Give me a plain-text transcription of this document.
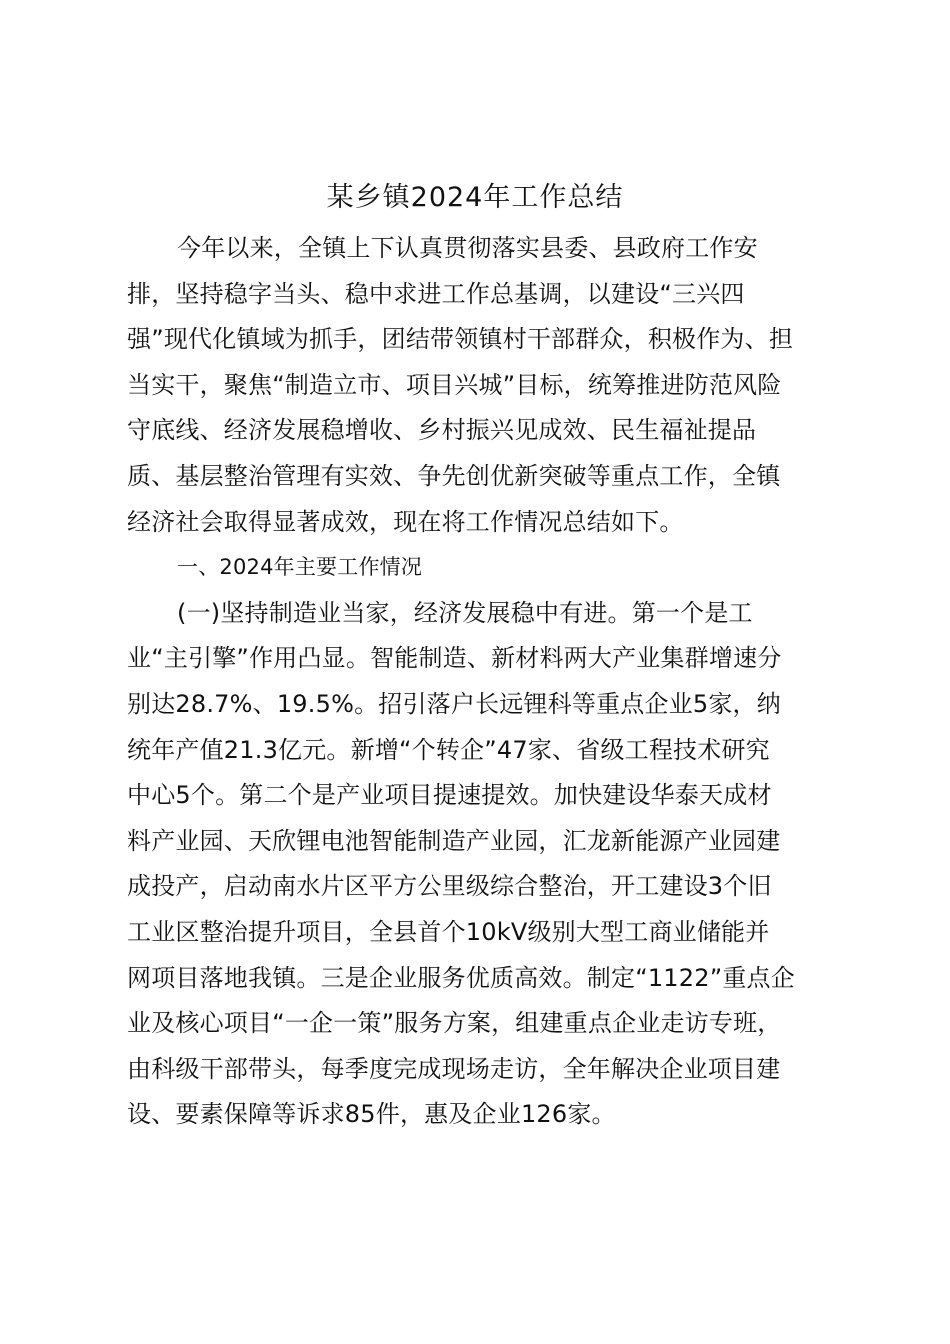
某乡镇2024年工作总结
今年以来，全镇上下认真贯彻落实县委、县政府工作安
排，坚持稳字当头、稳中求进工作总基调，以建设“三兴四
强”现代化镇域为抓手，团结带领镇村干部群众，积极作为、担
当实干，聚焦“制造立市、项目兴城”目标，统筹推进防范风险
守底线、经济发展稳增收、乡村振兴见成效、民生福祉提品
质、基层整治管理有实效、争先创优新突破等重点工作，全镇
经济社会取得显著成效，现在将工作情况总结如下。
一、2024年主要工作情况
(一)坚持制造业当家，经济发展稳中有进。第一个是工
业“主引擎”作用凸显。智能制造、新材料两大产业集群增速分
别达28.7%、19.5%。招引落户长远锂科等重点企业5家，纳
统年产值21.3亿元。新增“个转企”47家、省级工程技术研究
中心5个。第二个是产业项目提速提效。加快建设华泰天成材
料产业园、天欣锂电池智能制造产业园，汇龙新能源产业园建
成投产，启动南水片区平方公里级综合整治，开工建设3个旧
工业区整治提升项目，全县首个10kV级别大型工商业储能并
网项目落地我镇。三是企业服务优质高效。制定“1122”重点企
业及核心项目“一企一策”服务方案，组建重点企业走访专班，
由科级干部带头，每季度完成现场走访，全年解决企业项目建
设、要素保障等诉求85件，惠及企业126家。
